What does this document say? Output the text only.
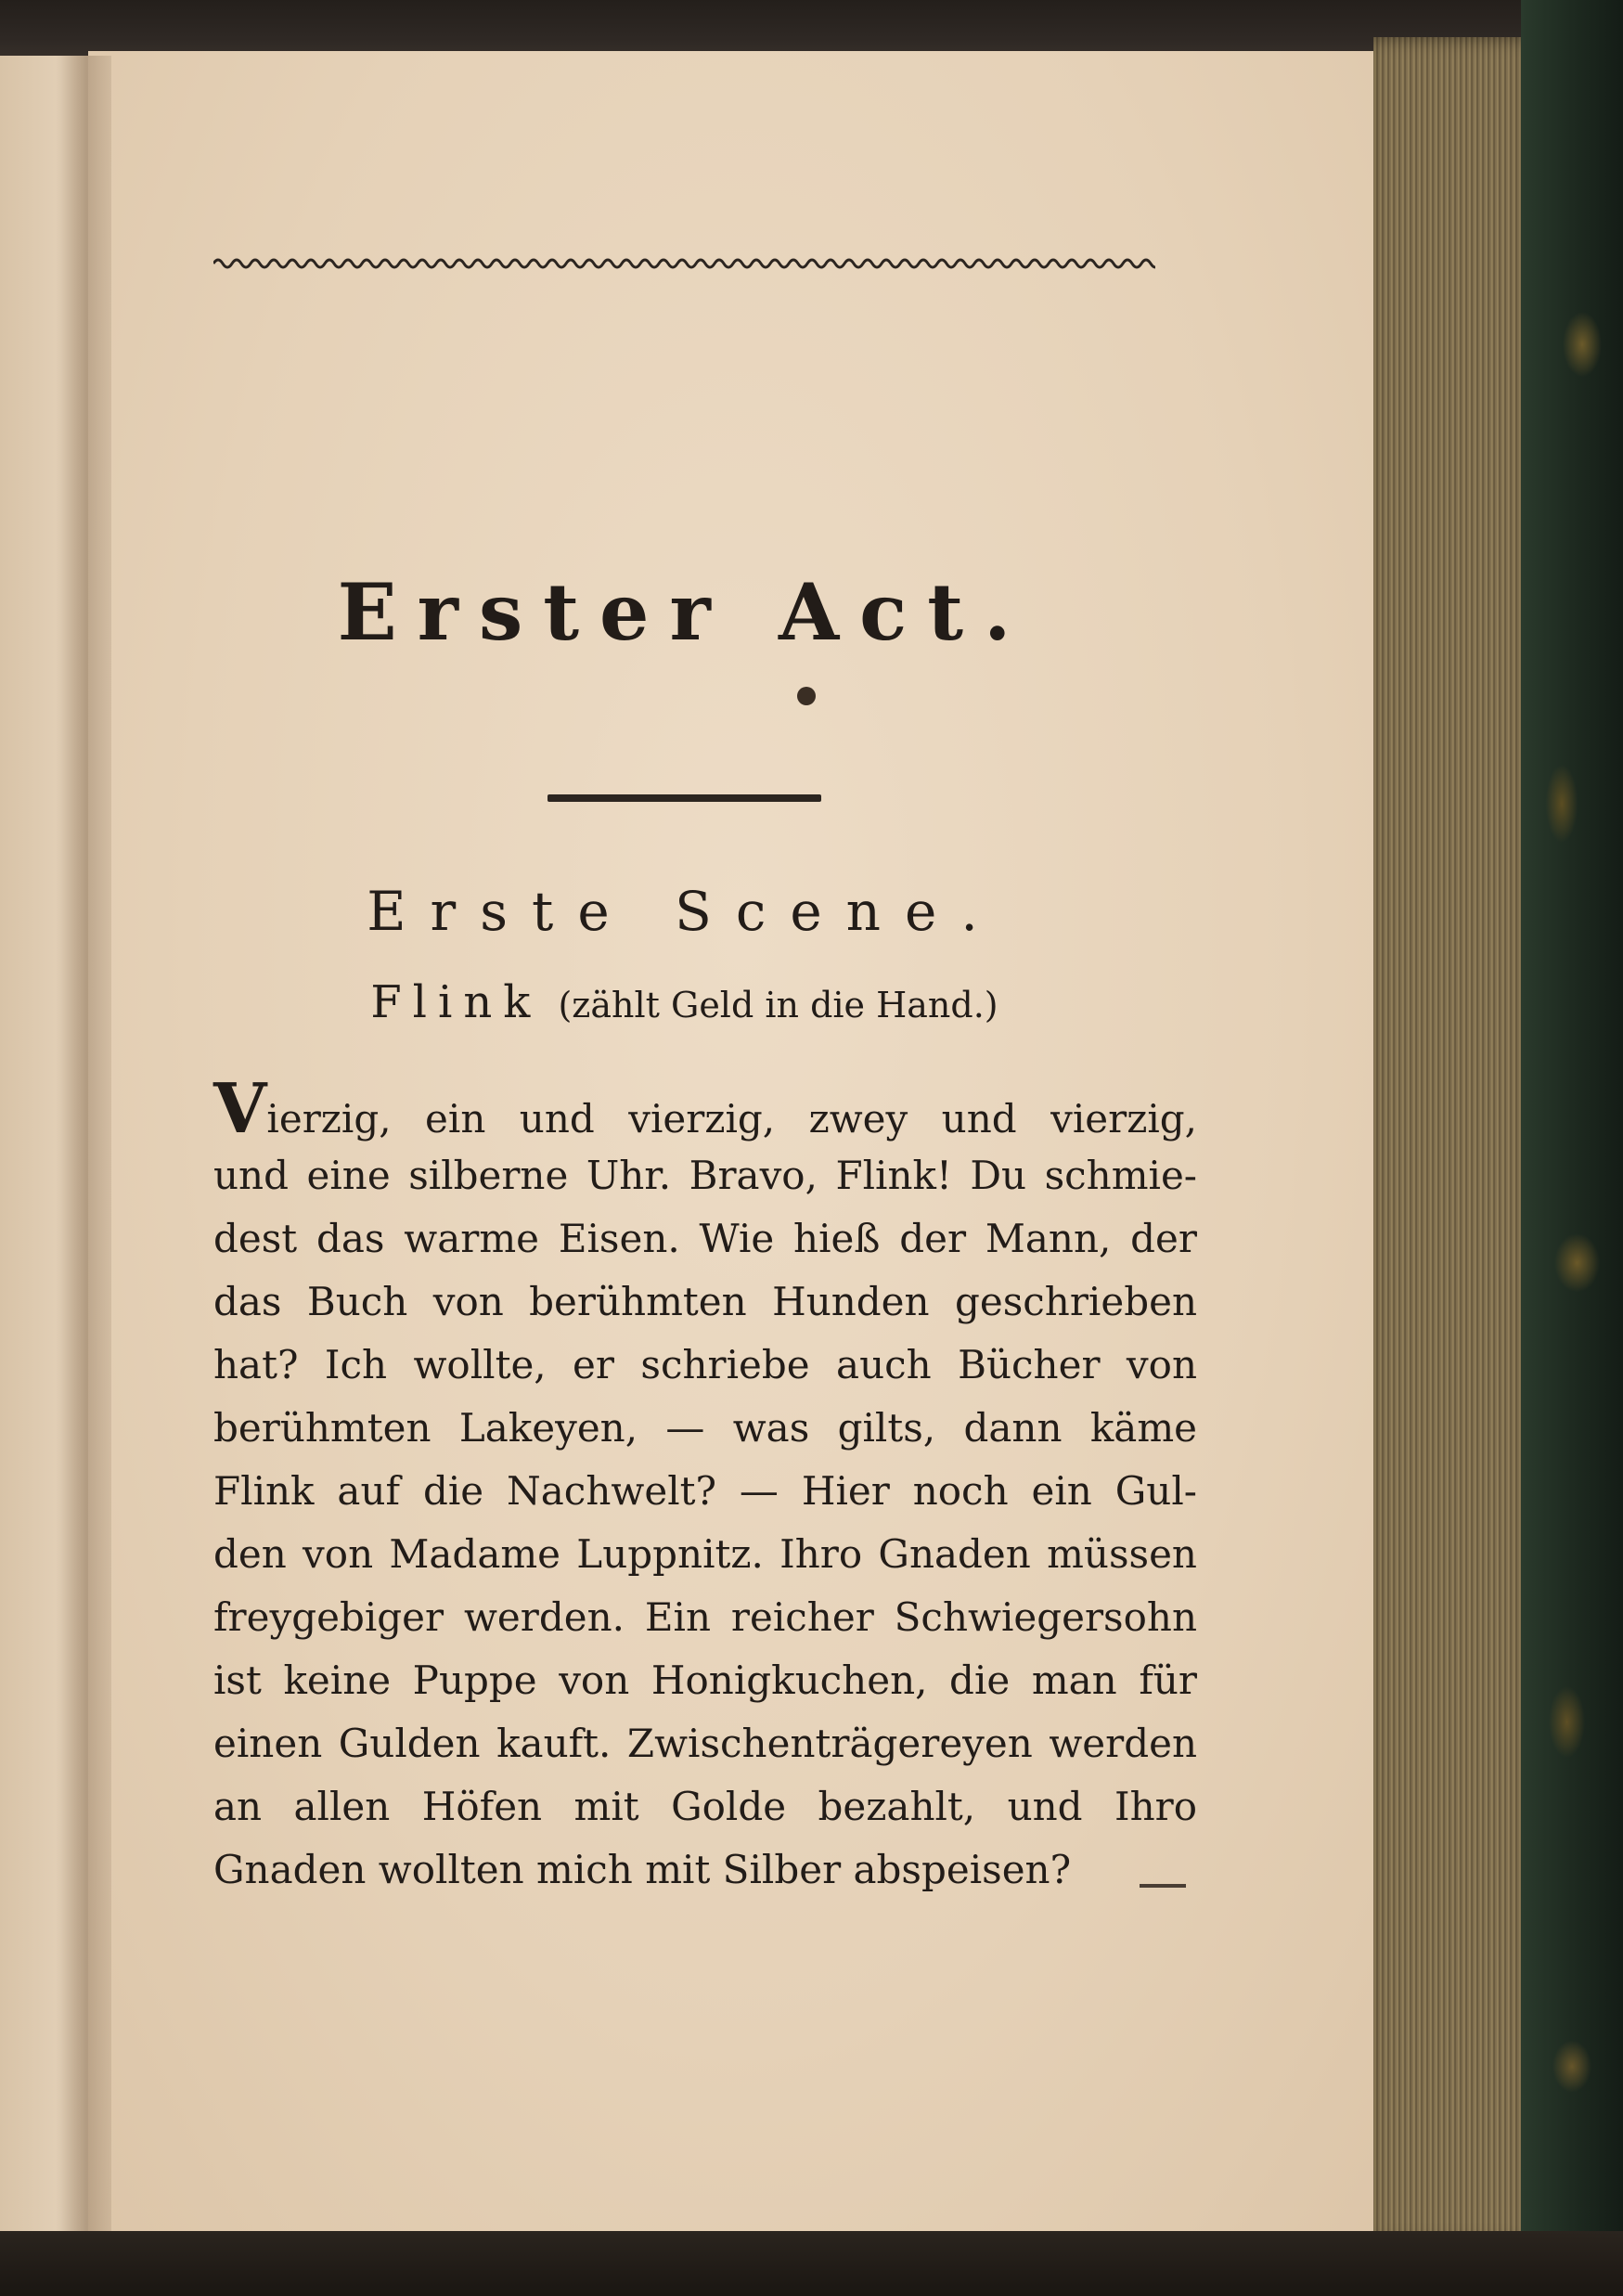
Erster Act.
Erste Scene.
Flink (zählt Geld in die Hand.)
Vierzig, ein und vierzig, zwey und vierzig,
und eine silberne Uhr. Bravo, Flink! Du schmie-
dest das warme Eisen. Wie hieß der Mann, der
das Buch von berühmten Hunden geschrieben
hat? Ich wollte, er schriebe auch Bücher von
berühmten Lakeyen, — was gilts, dann käme
Flink auf die Nachwelt? — Hier noch ein Gul-
den von Madame Luppnitz. Ihro Gnaden müssen
freygebiger werden. Ein reicher Schwiegersohn
ist keine Puppe von Honigkuchen, die man für
einen Gulden kauft. Zwischenträgereyen werden
an allen Höfen mit Golde bezahlt, und Ihro
Gnaden wollten mich mit Silber abspeisen?
